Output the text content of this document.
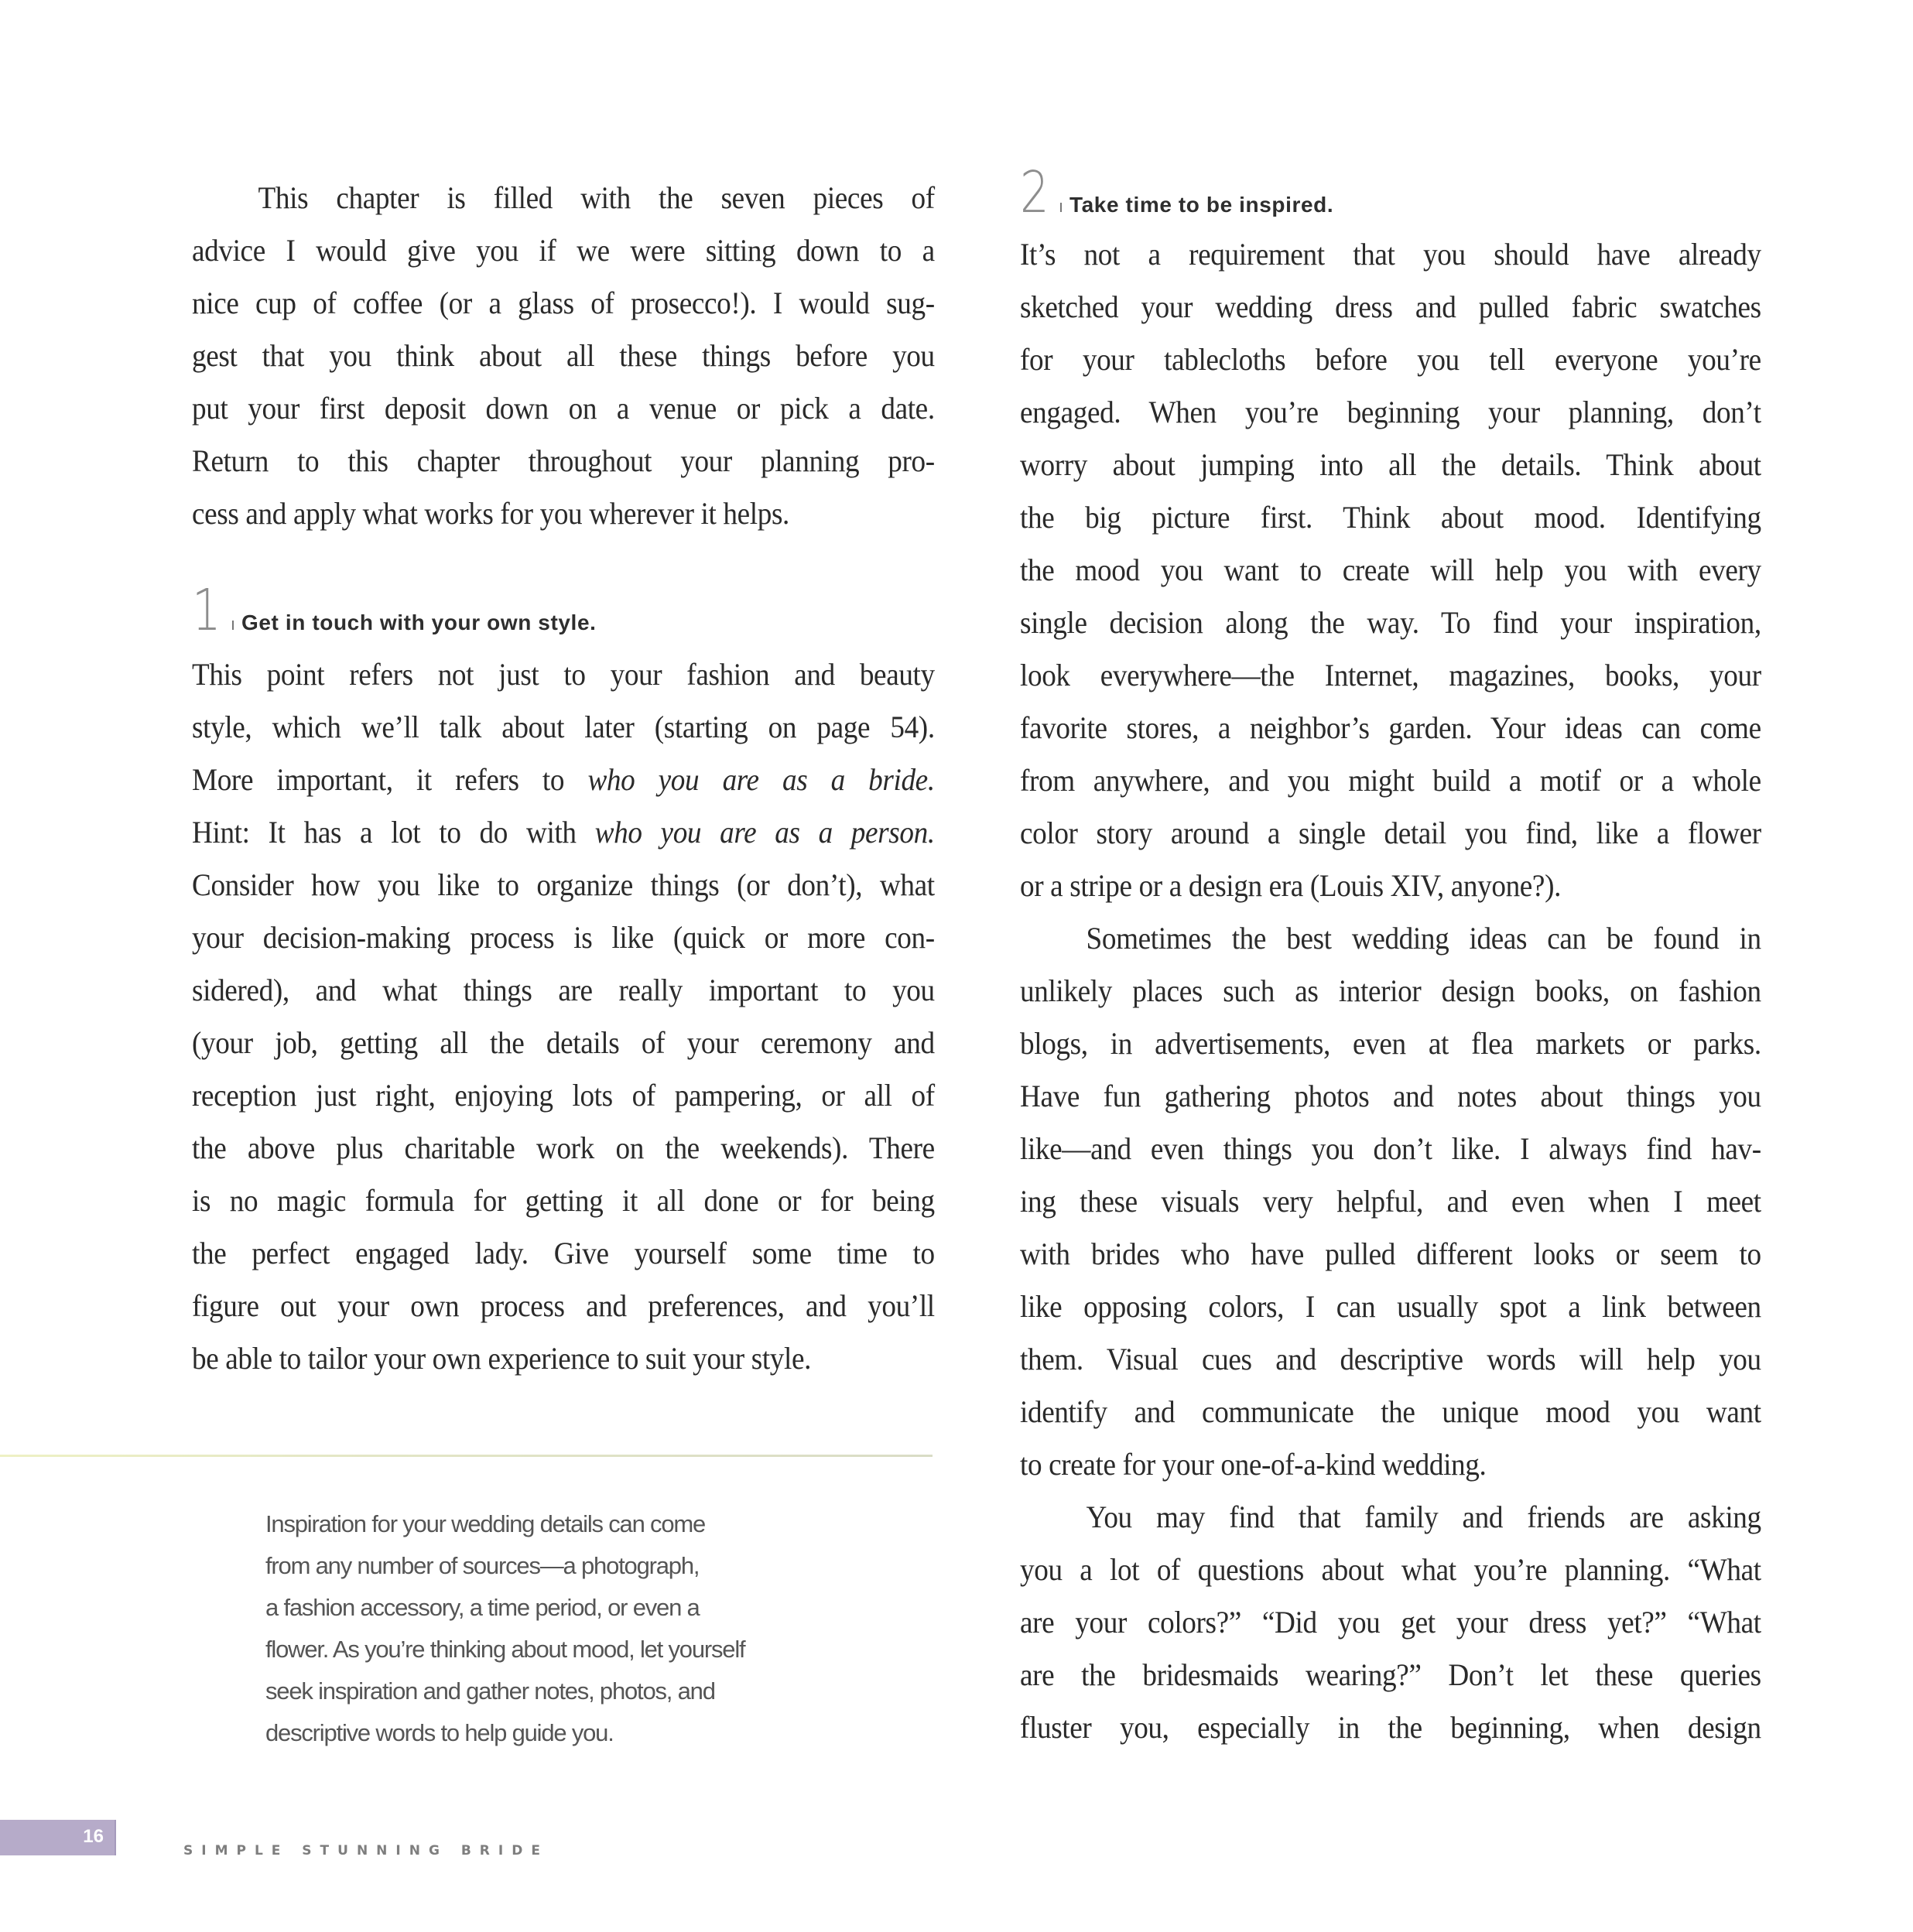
This chapter is filled with the seven pieces of
advice I would give you if we were sitting down to a
nice cup of coffee (or a glass of prosecco!). I would sug-
gest that you think about all these things before you
put your first deposit down on a venue or pick a date.
Return to this chapter throughout your planning pro-
cess and apply what works for you wherever it helps.
1 Get in touch with your own style.
This point refers not just to your fashion and beauty
style, which we’ll talk about later (starting on page 54).
More important, it refers to who you are as a bride.
Hint: It has a lot to do with who you are as a person.
Consider how you like to organize things (or don’t), what
your decision-making process is like (quick or more con-
sidered), and what things are really important to you
(your job, getting all the details of your ceremony and
reception just right, enjoying lots of pampering, or all of
the above plus charitable work on the weekends). There
is no magic formula for getting it all done or for being
the perfect engaged lady. Give yourself some time to
figure out your own process and preferences, and you’ll
be able to tailor your own experience to suit your style.
Inspiration for your wedding details can come
from any number of sources—a photograph,
a fashion accessory, a time period, or even a
flower. As you’re thinking about mood, let yourself
seek inspiration and gather notes, photos, and
descriptive words to help guide you.
2 Take time to be inspired.
It’s not a requirement that you should have already
sketched your wedding dress and pulled fabric swatches
for your tablecloths before you tell everyone you’re
engaged. When you’re beginning your planning, don’t
worry about jumping into all the details. Think about
the big picture first. Think about mood. Identifying
the mood you want to create will help you with every
single decision along the way. To find your inspiration,
look everywhere—the Internet, magazines, books, your
favorite stores, a neighbor’s garden. Your ideas can come
from anywhere, and you might build a motif or a whole
color story around a single detail you find, like a flower
or a stripe or a design era (Louis XIV, anyone?).
Sometimes the best wedding ideas can be found in
unlikely places such as interior design books, on fashion
blogs, in advertisements, even at flea markets or parks.
Have fun gathering photos and notes about things you
like—and even things you don’t like. I always find hav-
ing these visuals very helpful, and even when I meet
with brides who have pulled different looks or seem to
like opposing colors, I can usually spot a link between
them. Visual cues and descriptive words will help you
identify and communicate the unique mood you want
to create for your one-of-a-kind wedding.
You may find that family and friends are asking
you a lot of questions about what you’re planning. “What
are your colors?” “Did you get your dress yet?” “What
are the bridesmaids wearing?” Don’t let these queries
fluster you, especially in the beginning, when design
16
SIMPLE STUNNING BRIDE
